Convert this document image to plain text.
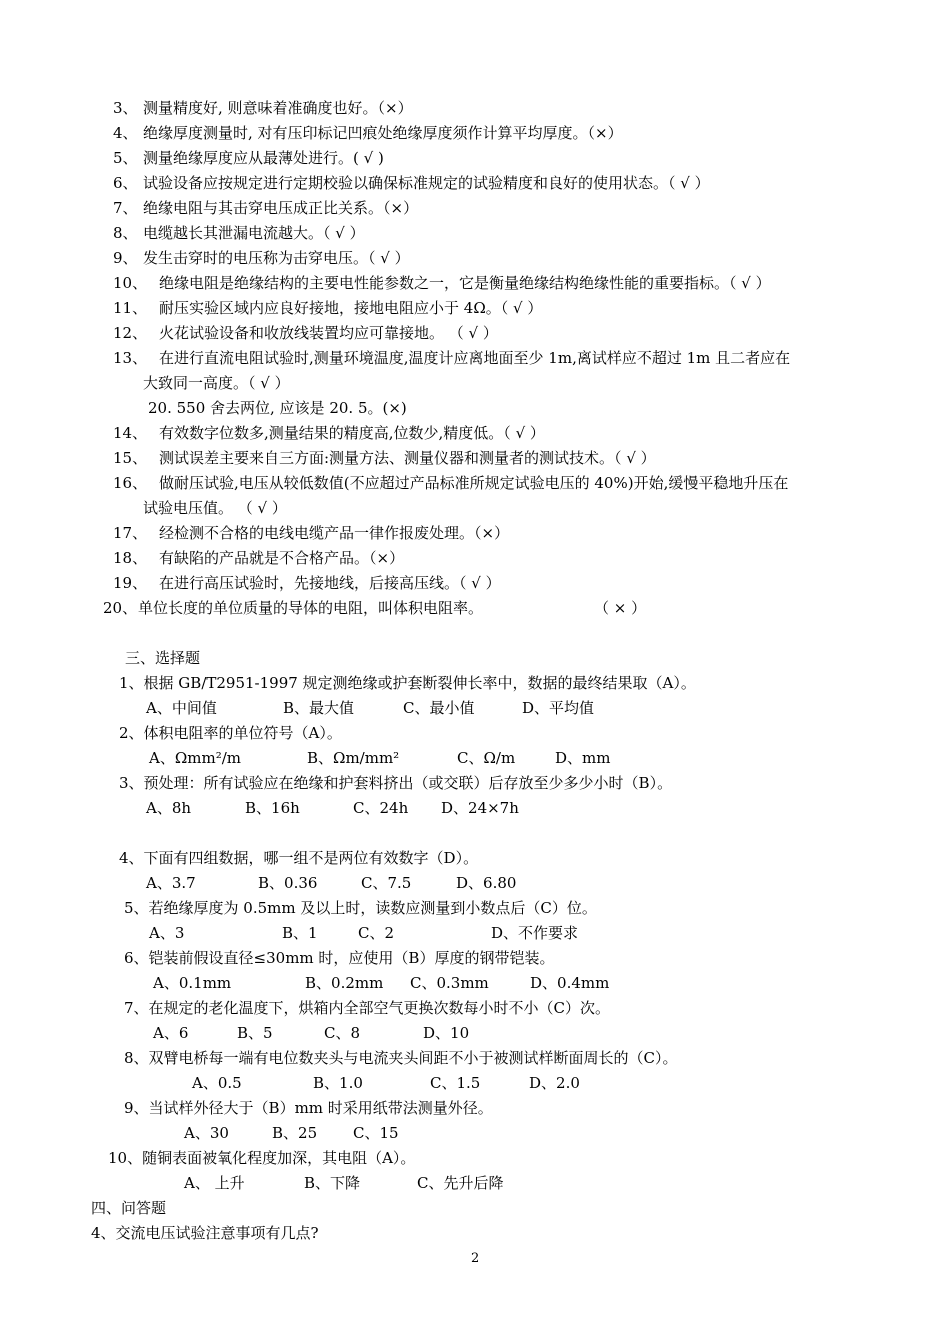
3、 测量精度好, 则意味着准确度也好。（×）
4、 绝缘厚度测量时, 对有压印标记凹痕处绝缘厚度须作计算平均厚度。（×）
5、 测量绝缘厚度应从最薄处进行。( √ )
6、 试验设备应按规定进行定期校验以确保标准规定的试验精度和良好的使用状态。（ √ ）
7、 绝缘电阻与其击穿电压成正比关系。（×）
8、 电缆越长其泄漏电流越大。（ √ ）
9、 发生击穿时的电压称为击穿电压。（ √ ）
10、 绝缘电阻是绝缘结构的主要电性能参数之一，它是衡量绝缘结构绝缘性能的重要指标。（ √ ）
11、 耐压实验区域内应良好接地，接地电阻应小于 4Ω。（ √ ）
12、 火花试验设备和收放线装置均应可靠接地。 （ √ ）
13、 在进行直流电阻试验时,测量环境温度,温度计应离地面至少 1m,离试样应不超过 1m 且二者应在
大致同一高度。（ √ ）
20. 550 舍去两位, 应该是 20. 5。(×)
14、 有效数字位数多,测量结果的精度高,位数少,精度低。（ √ ）
15、 测试误差主要来自三方面:测量方法、测量仪器和测量者的测试技术。（ √ ）
16、 做耐压试验,电压从较低数值(不应超过产品标准所规定试验电压的 40%)开始,缓慢平稳地升压在
试验电压值。 （ √ ）
17、 经检测不合格的电线电缆产品一律作报废处理。（×）
18、 有缺陷的产品就是不合格产品。（×）
19、 在进行高压试验时，先接地线，后接高压线。（ √ ）
20、 单位长度的单位质量的导体的电阻，叫体积电阻率。	（ × ）
三、选择题
1、根据 GB/T2951-1997 规定测绝缘或护套断裂伸长率中，数据的最终结果取（A）。
A、中间值	B、最大值	C、最小值	D、平均值
2、体积电阻率的单位符号（A）。
A、Ωmm²/m	B、Ωm/mm²	C、Ω/m	D、mm
3、预处理：所有试验应在绝缘和护套料挤出（或交联）后存放至少多少小时（B）。
A、8h	B、16h	C、24h D、24×7h
4、下面有四组数据，哪一组不是两位有效数字（D）。
A、3.7	B、0.36	C、7.5	D、6.80
5、若绝缘厚度为 0.5mm 及以上时，读数应测量到小数点后（C）位。
A、3	B、1	C、2	D、不作要求
6、铠装前假设直径≤30mm 时，应使用（B）厚度的钢带铠装。
A、0.1mm	B、0.2mm C、0.3mm	D、0.4mm
7、在规定的老化温度下，烘箱内全部空气更换次数每小时不小（C）次。
A、6	B、5	C、8	D、10
8、双臂电桥每一端有电位数夹头与电流夹头间距不小于被测试样断面周长的（C）。
A、0.5	B、1.0	C、1.5	D、2.0
9、当试样外径大于（B）mm 时采用纸带法测量外径。
A、30	B、25 C、15
10、随铜表面被氧化程度加深，其电阻（A）。
A、 上升	B、下降	C、先升后降
四、问答题
4、交流电压试验注意事项有几点?
2
